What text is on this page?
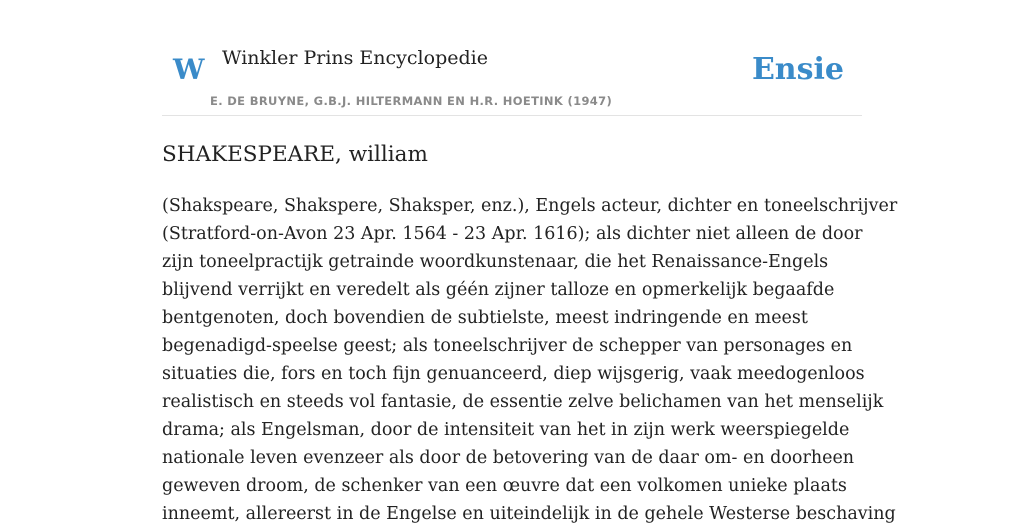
W Winkler Prins Encyclopedie
E. DE BRUYNE, G.B.J. HILTERMANN EN H.R. HOETINK (1947)
Ensie
SHAKESPEARE, william
(Shakspeare, Shakspere, Shaksper, enz.), Engels acteur, dichter en toneelschrijver
(Stratford-on-Avon 23 Apr. 1564 - 23 Apr. 1616); als dichter niet alleen de door
zijn toneelpractijk getrainde woordkunstenaar, die het Renaissance-Engels
blijvend verrijkt en veredelt als géén zijner talloze en opmerkelijk begaafde
bentgenoten, doch bovendien de subtielste, meest indringende en meest
begenadigd-speelse geest; als toneelschrijver de schepper van personages en
situaties die, fors en toch fijn genuanceerd, diep wijsgerig, vaak meedogenloos
realistisch en steeds vol fantasie, de essentie zelve belichamen van het menselijk
drama; als Engelsman, door de intensiteit van het in zijn werk weerspiegelde
nationale leven evenzeer als door de betovering van de daar om- en doorheen
geweven droom, de schenker van een œuvre dat een volkomen unieke plaats
inneemt, allereerst in de Engelse en uiteindelijk in de gehele Westerse beschaving
